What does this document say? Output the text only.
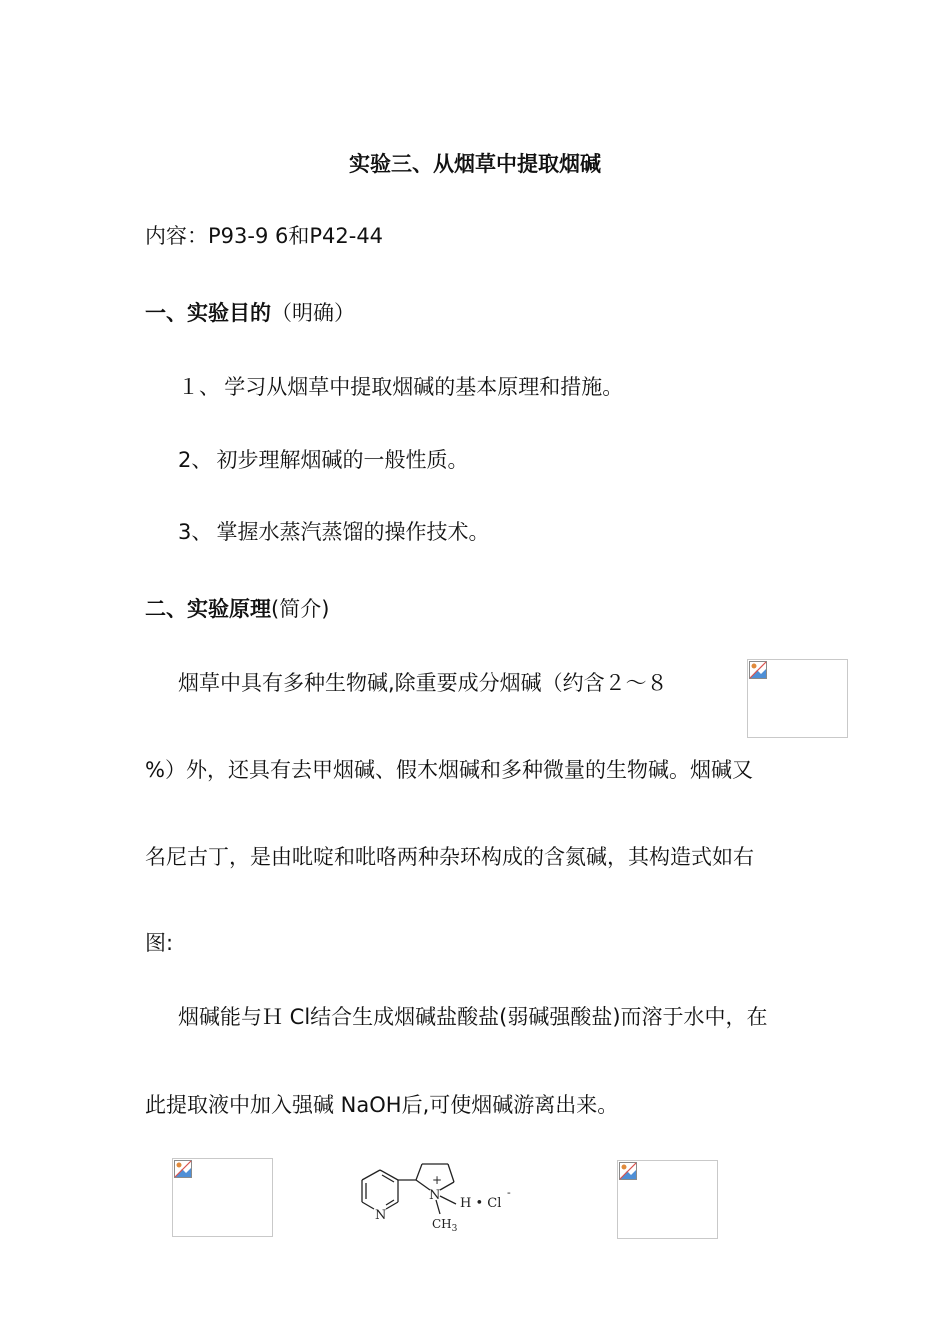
实验三、从烟草中提取烟碱
内容：P93-9 6和P42-44
一、实验目的（明确）
１、 学习从烟草中提取烟碱的基本原理和措施。
2、 初步理解烟碱的一般性质。
3、 掌握水蒸汽蒸馏的操作技术。
二、实验原理(简介)
烟草中具有多种生物碱,除重要成分烟碱（约含２～８
%）外，还具有去甲烟碱、假木烟碱和多种微量的生物碱。烟碱又
名尼古丁，是由吡啶和吡咯两种杂环构成的含氮碱，其构造式如右
图:
烟碱能与Ｈ Cl结合生成烟碱盐酸盐(弱碱强酸盐)而溶于水中，在
此提取液中加入强碱 NaOH后,可使烟碱游离出来。
N
N
+
H • Cl
-
$CH_3$
